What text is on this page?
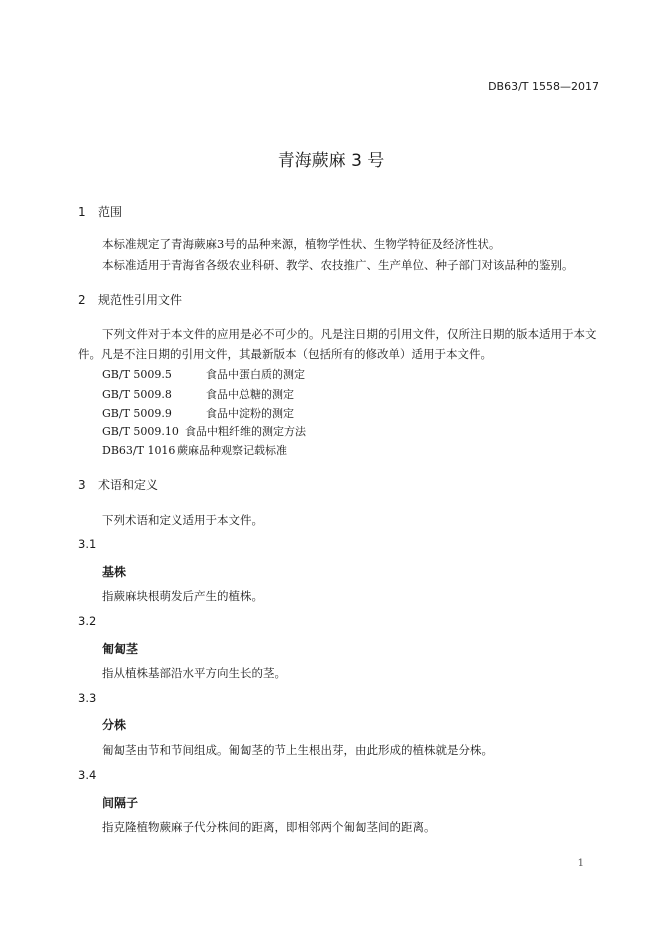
DB63/T 1558—2017
青海蕨麻 3 号
1 范围
本标准规定了青海蕨麻3号的品种来源，植物学性状、生物学特征及经济性状。
本标准适用于青海省各级农业科研、教学、农技推广、生产单位、种子部门对该品种的鉴别。
2 规范性引用文件
下列文件对于本文件的应用是必不可少的。凡是注日期的引用文件，仅所注日期的版本适用于本文
件。凡是不注日期的引用文件，其最新版本（包括所有的修改单）适用于本文件。
GB/T 5009.5	食品中蛋白质的测定
GB/T 5009.8	食品中总糖的测定
GB/T 5009.9	食品中淀粉的测定
GB/T 5009.10 食品中粗纤维的测定方法
DB63/T 1016 蕨麻品种观察记载标准
3 术语和定义
下列术语和定义适用于本文件。
3.1
基株
指蕨麻块根萌发后产生的植株。
3.2
匍匐茎
指从植株基部沿水平方向生长的茎。
3.3
分株
匍匐茎由节和节间组成。匍匐茎的节上生根出芽，由此形成的植株就是分株。
3.4
间隔子
指克隆植物蕨麻子代分株间的距离，即相邻两个匍匐茎间的距离。
1
